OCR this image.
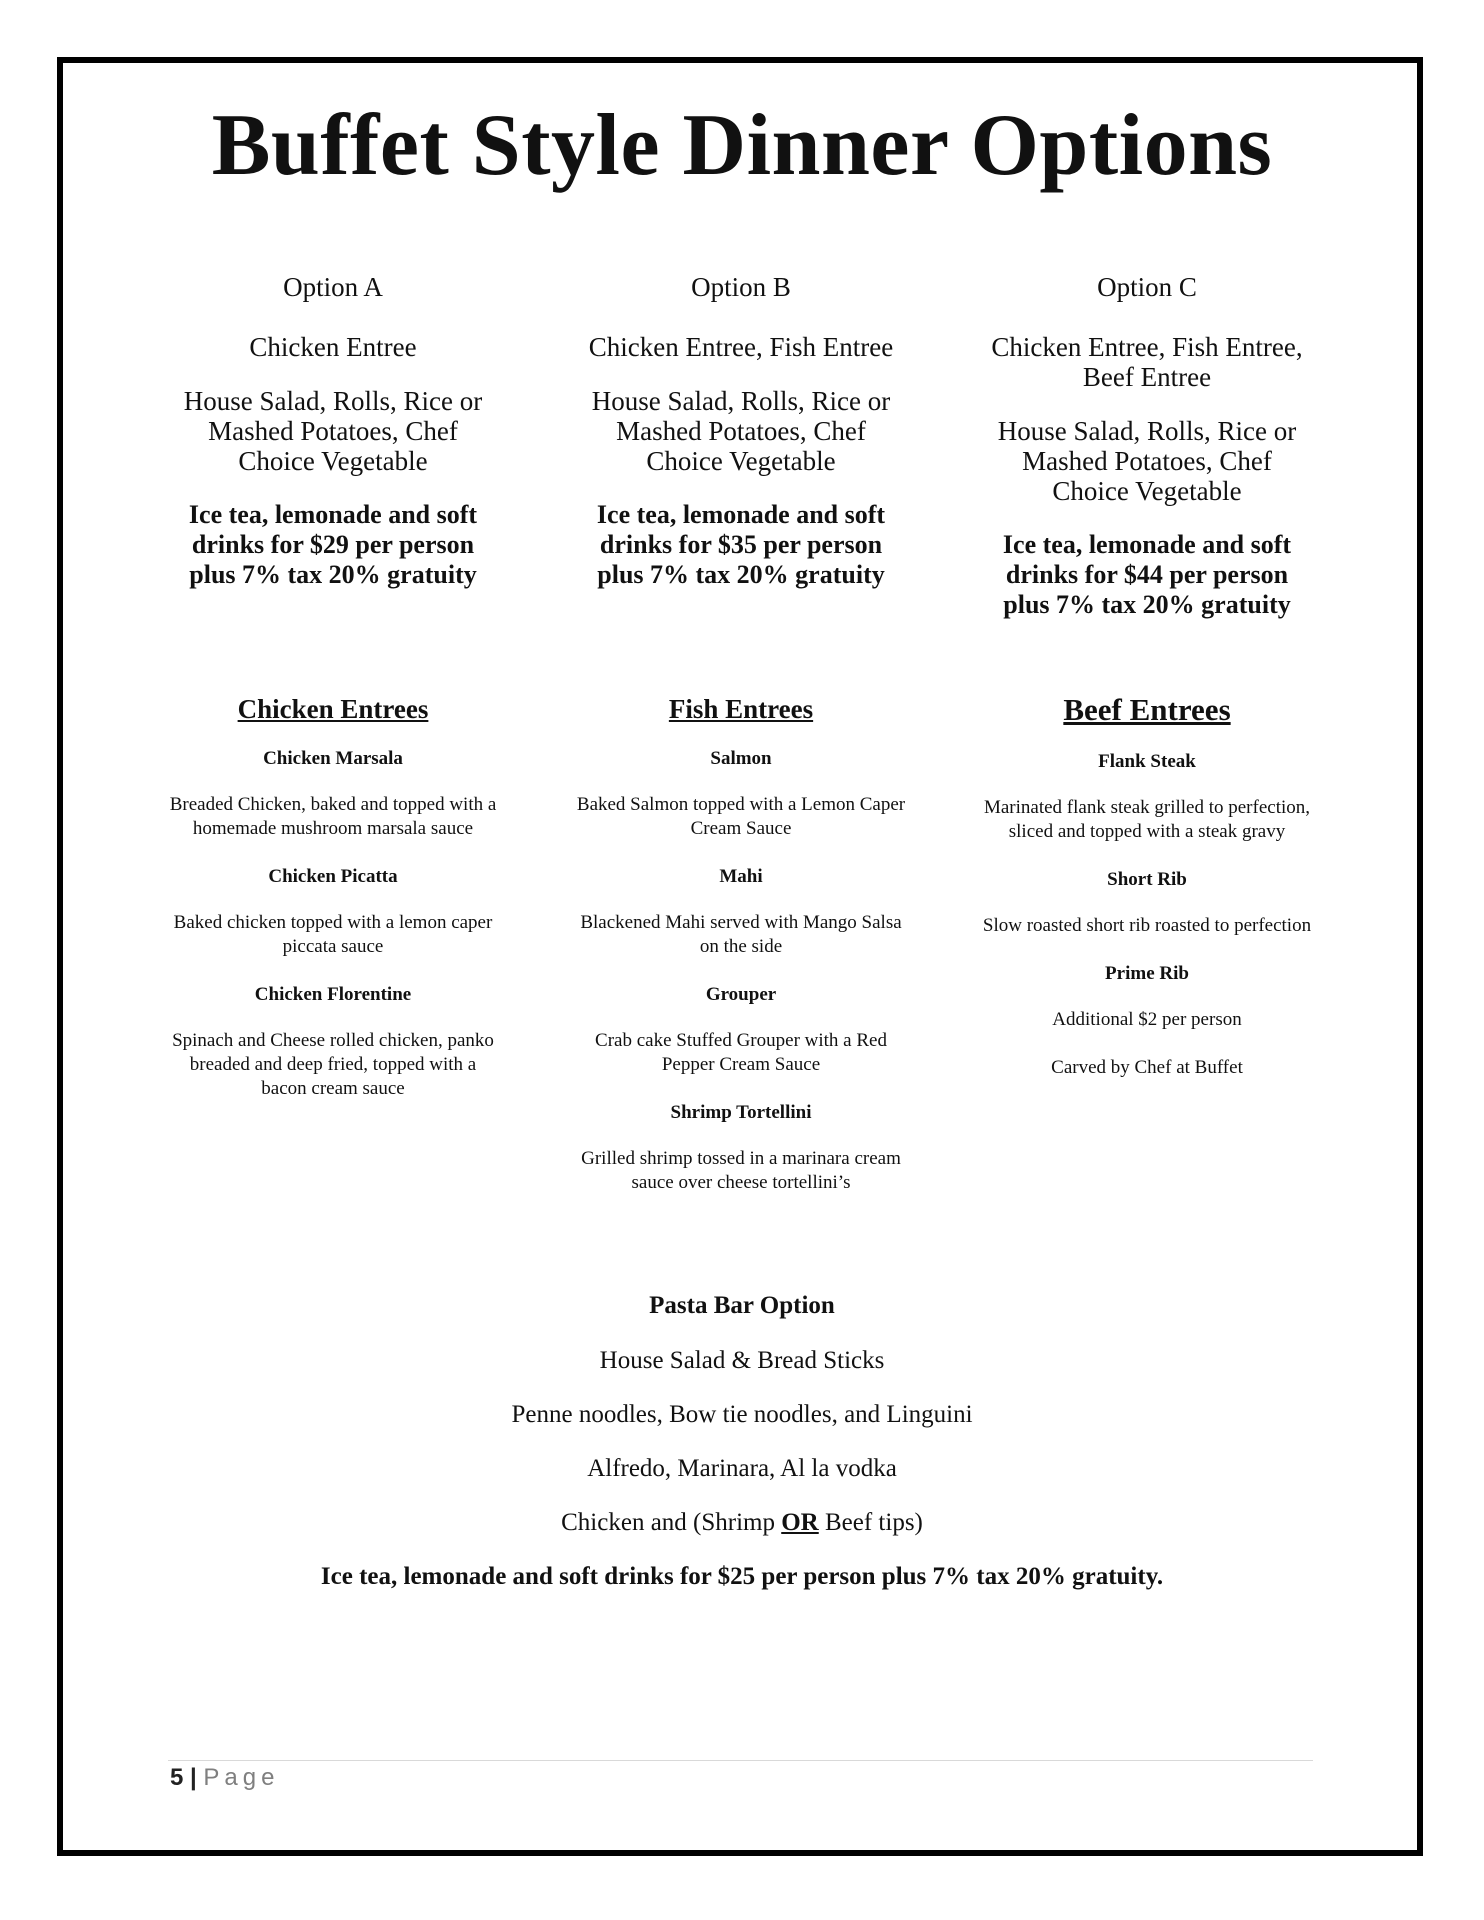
Buffet Style Dinner Options

Option A

Chicken Entree

House Salad, Rolls, Rice or Mashed Potatoes, Chef Choice Vegetable

Ice tea, lemonade and soft drinks for $29 per person plus 7% tax 20% gratuity

Option B

Chicken Entree, Fish Entree

House Salad, Rolls, Rice or Mashed Potatoes, Chef Choice Vegetable

Ice tea, lemonade and soft drinks for $35 per person plus 7% tax 20% gratuity

Option C

Chicken Entree, Fish Entree, Beef Entree

House Salad, Rolls, Rice or Mashed Potatoes, Chef Choice Vegetable

Ice tea, lemonade and soft drinks for $44 per person plus 7% tax 20% gratuity

Chicken Entrees

Chicken Marsala

Breaded Chicken, baked and topped with a homemade mushroom marsala sauce

Chicken Picatta

Baked chicken topped with a lemon caper piccata sauce

Chicken Florentine

Spinach and Cheese rolled chicken, panko breaded and deep fried, topped with a bacon cream sauce

Fish Entrees

Salmon

Baked Salmon topped with a Lemon Caper Cream Sauce

Mahi

Blackened Mahi served with Mango Salsa on the side

Grouper

Crab cake Stuffed Grouper with a Red Pepper Cream Sauce

Shrimp Tortellini

Grilled shrimp tossed in a marinara cream sauce over cheese tortellini’s

Beef Entrees

Flank Steak

Marinated flank steak grilled to perfection, sliced and topped with a steak gravy

Short Rib

Slow roasted short rib roasted to perfection

Prime Rib

Additional $2 per person

Carved by Chef at Buffet

Pasta Bar Option

House Salad & Bread Sticks

Penne noodles, Bow tie noodles, and Linguini

Alfredo, Marinara, Al la vodka

Chicken and (Shrimp OR Beef tips)

Ice tea, lemonade and soft drinks for $25 per person plus 7% tax 20% gratuity.

5 | Page
